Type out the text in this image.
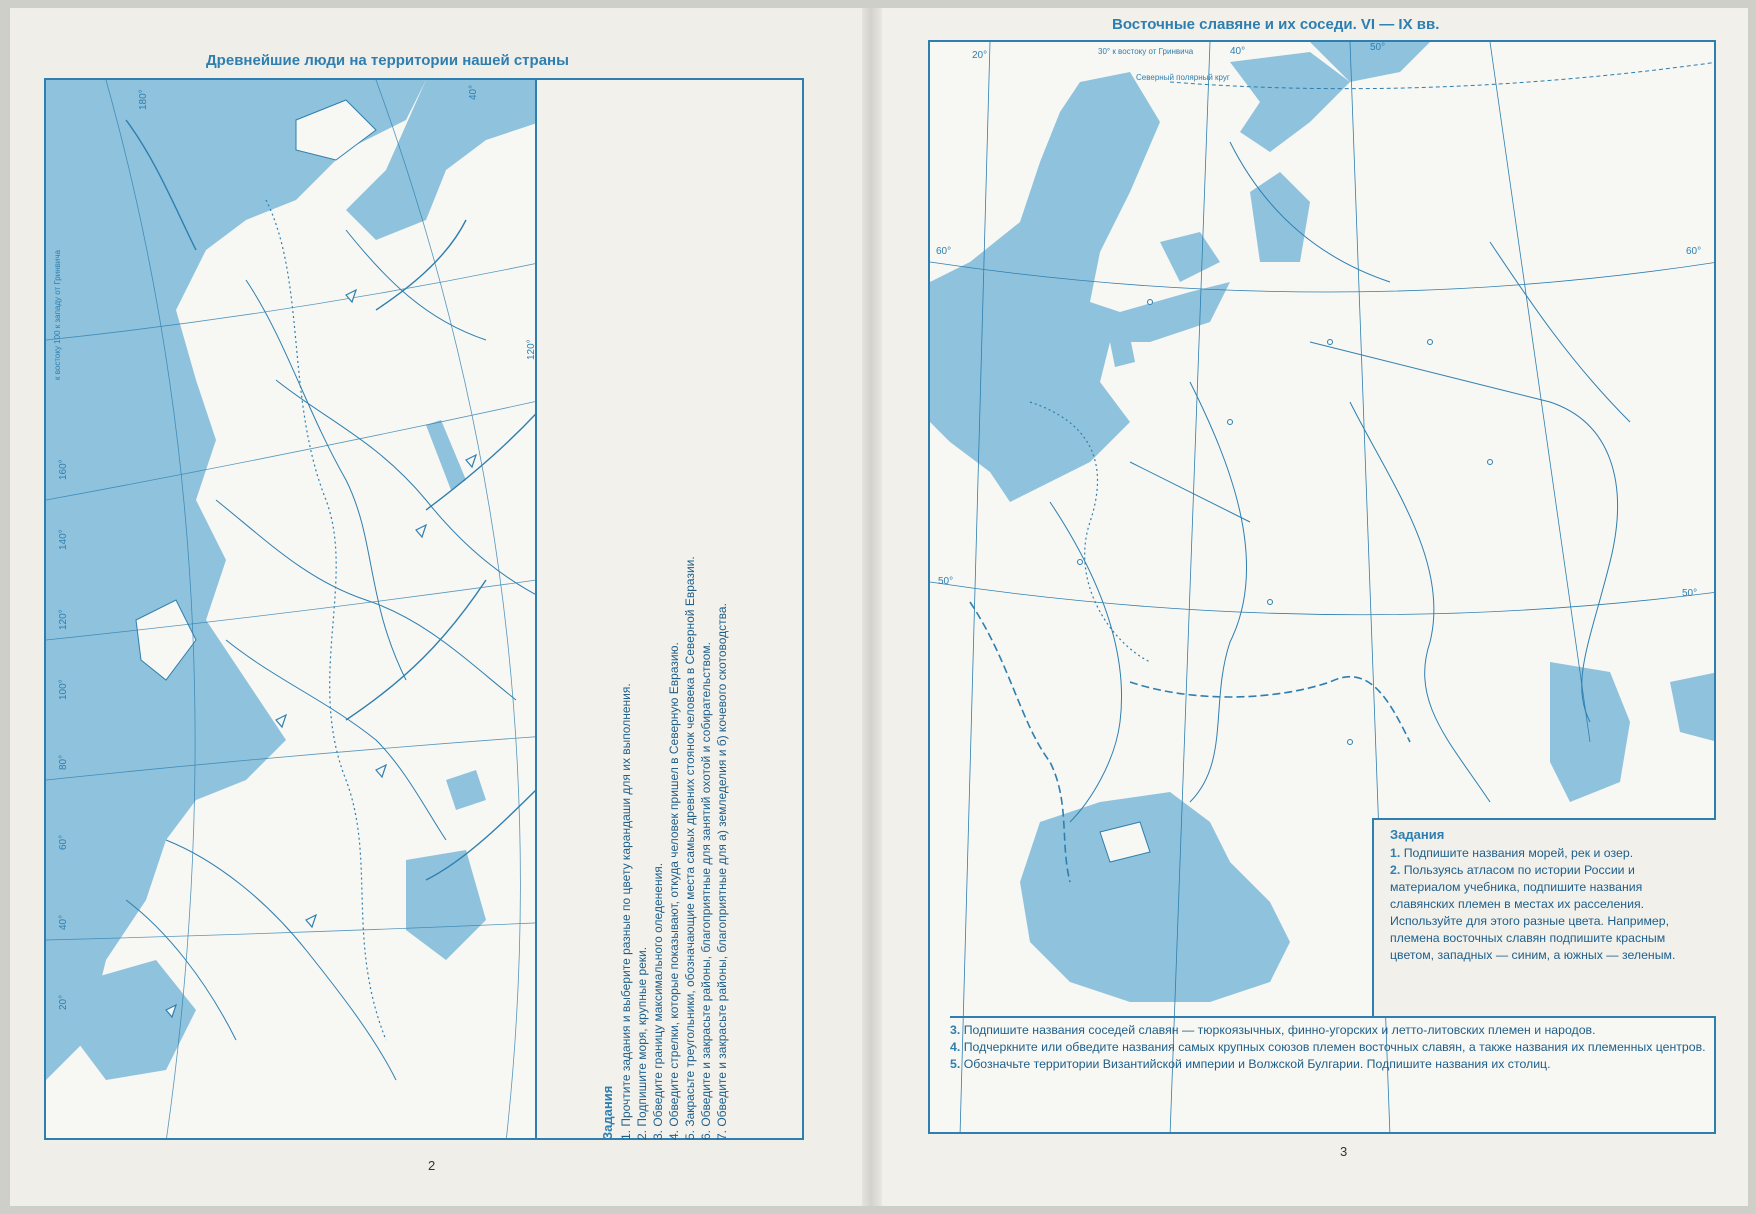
Древнейшие люди на территории нашей страны
Восточные славяне и их соседи. VI — IX вв.
140°
120°
100°
80°
60°
40°
20°
160°
180°	40°
120°
к востоку 100 к западу от Гринвича
Задания 1. Прочтите задания и выберите разные по цвету карандаши для их выполнения. 2. Подпишите моря, крупные реки. 3. Обведите границу максимального оледенения. 4. Обведите стрелки, которые показывают, откуда человек пришел в Северную Евразию. 5. Закрасьте треугольники, обозначающие места самых древних стоянок человека в Северной Евразии. 6. Обведите и закрасьте районы, благоприятные для занятий охотой и собирательством. 7. Обведите и закрасьте районы, благоприятные для а) земледелия и б) кочевого скотоводства.
2
30° к востоку от Гринвича
20°	40°	50°
60°	60°
50°
50°
Северный полярный круг
Задания
1. Подпишите названия морей, рек и озер.
2. Пользуясь атласом по истории России и материалом учебника, подпишите названия славянских племен в местах их расселения. Используйте для этого разные цвета. Например, племена восточных славян подпишите красным цветом, западных — синим, а южных — зеленым.
3. Подпишите названия соседей славян — тюркоязычных, финно-угорских и летто-литовских племен и народов.
4. Подчеркните или обведите названия самых крупных союзов племен восточных славян, а также названия их племенных центров.
5. Обозначьте территории Византийской империи и Волжской Булгарии. Подпишите названия их столиц.
3
